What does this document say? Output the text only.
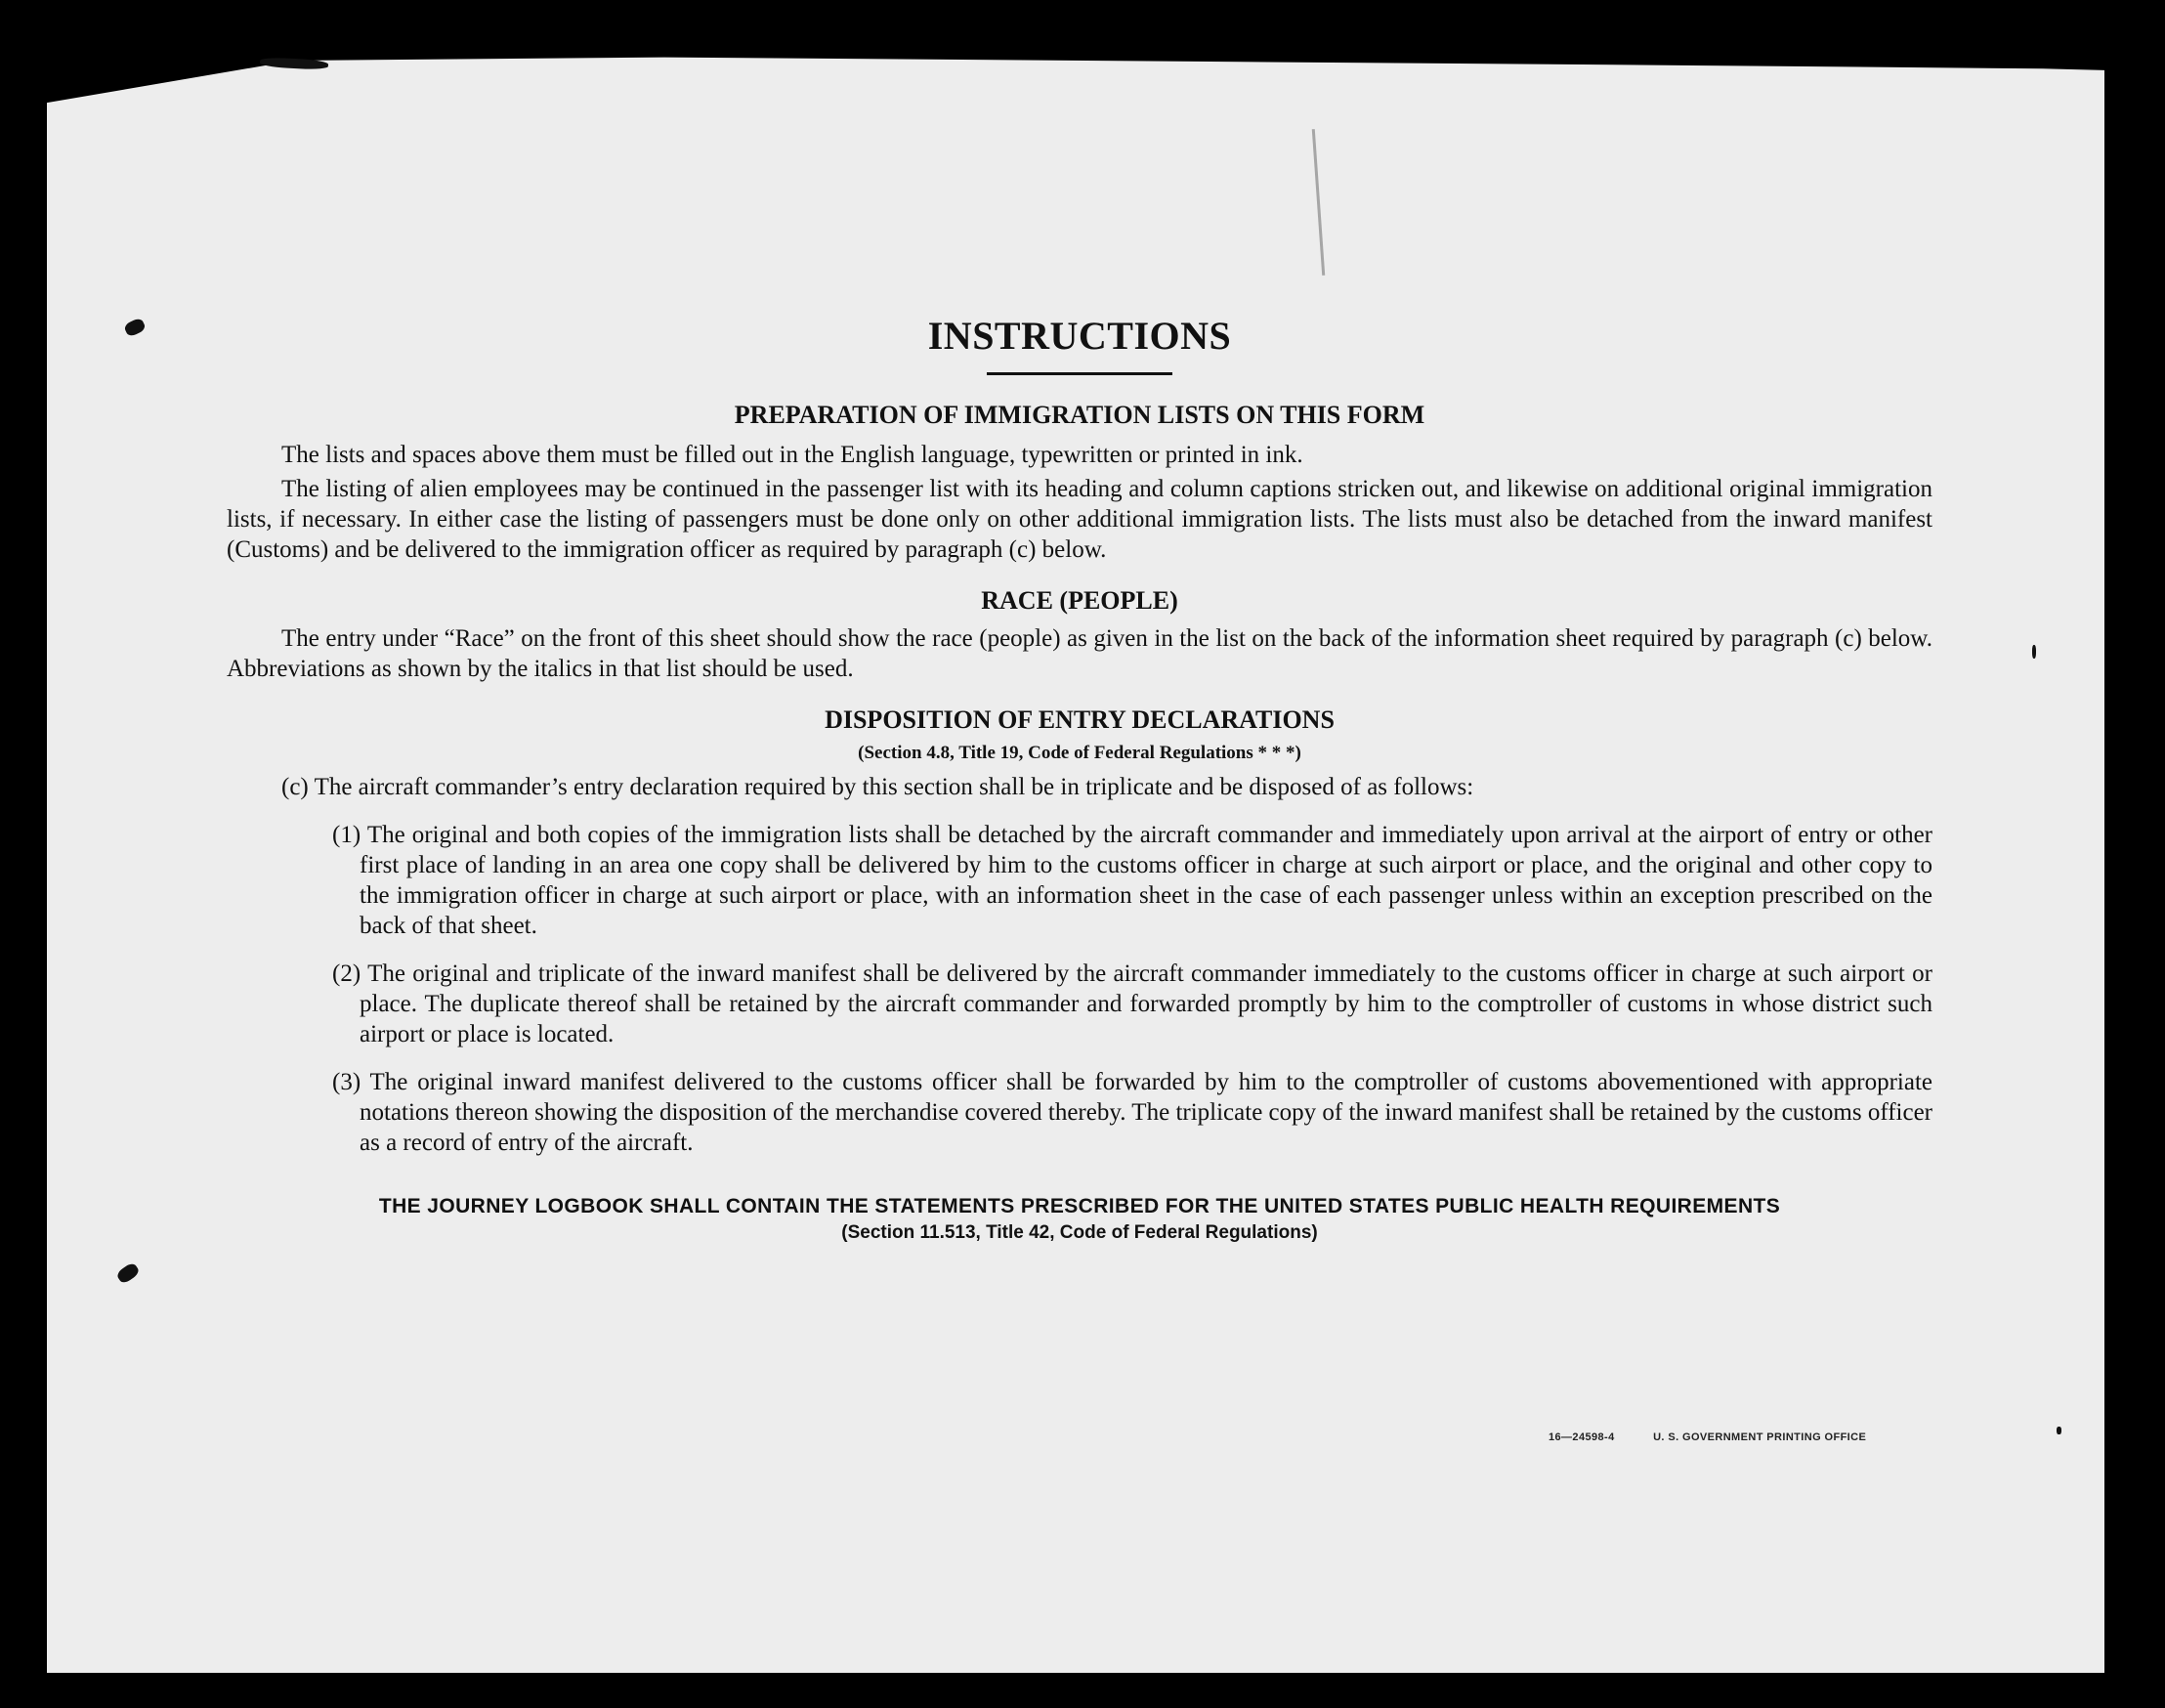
INSTRUCTIONS
PREPARATION OF IMMIGRATION LISTS ON THIS FORM

The lists and spaces above them must be filled out in the English language, typewritten or printed in ink.

The listing of alien employees may be continued in the passenger list with its heading and column captions stricken out, and likewise on additional original immigration lists, if necessary. In either case the listing of passengers must be done only on other additional immigration lists. The lists must also be detached from the inward manifest (Customs) and be delivered to the immigration officer as required by paragraph (c) below.

RACE (PEOPLE)

The entry under “Race” on the front of this sheet should show the race (people) as given in the list on the back of the information sheet required by paragraph (c) below. Abbreviations as shown by the italics in that list should be used.

DISPOSITION OF ENTRY DECLARATIONS
(Section 4.8, Title 19, Code of Federal Regulations * * *)
(c) The aircraft commander’s entry declaration required by this section shall be in triplicate and be disposed of as follows:
(1) The original and both copies of the immigration lists shall be detached by the aircraft commander and immediately upon arrival at the airport of entry or other first place of landing in an area one copy shall be delivered by him to the customs officer in charge at such airport or place, and the original and other copy to the immigration officer in charge at such airport or place, with an information sheet in the case of each passenger unless within an exception prescribed on the back of that sheet.
(2) The original and triplicate of the inward manifest shall be delivered by the aircraft commander immediately to the customs officer in charge at such airport or place. The duplicate thereof shall be retained by the aircraft commander and forwarded promptly by him to the comptroller of customs in whose district such airport or place is located.
(3) The original inward manifest delivered to the customs officer shall be forwarded by him to the comptroller of customs abovementioned with appropriate notations thereon showing the disposition of the merchandise covered thereby. The triplicate copy of the inward manifest shall be retained by the customs officer as a record of entry of the aircraft.
THE JOURNEY LOGBOOK SHALL CONTAIN THE STATEMENTS PRESCRIBED FOR THE UNITED STATES PUBLIC HEALTH REQUIREMENTS
(Section 11.513, Title 42, Code of Federal Regulations)
16—24598-4	U. S. GOVERNMENT PRINTING OFFICE
